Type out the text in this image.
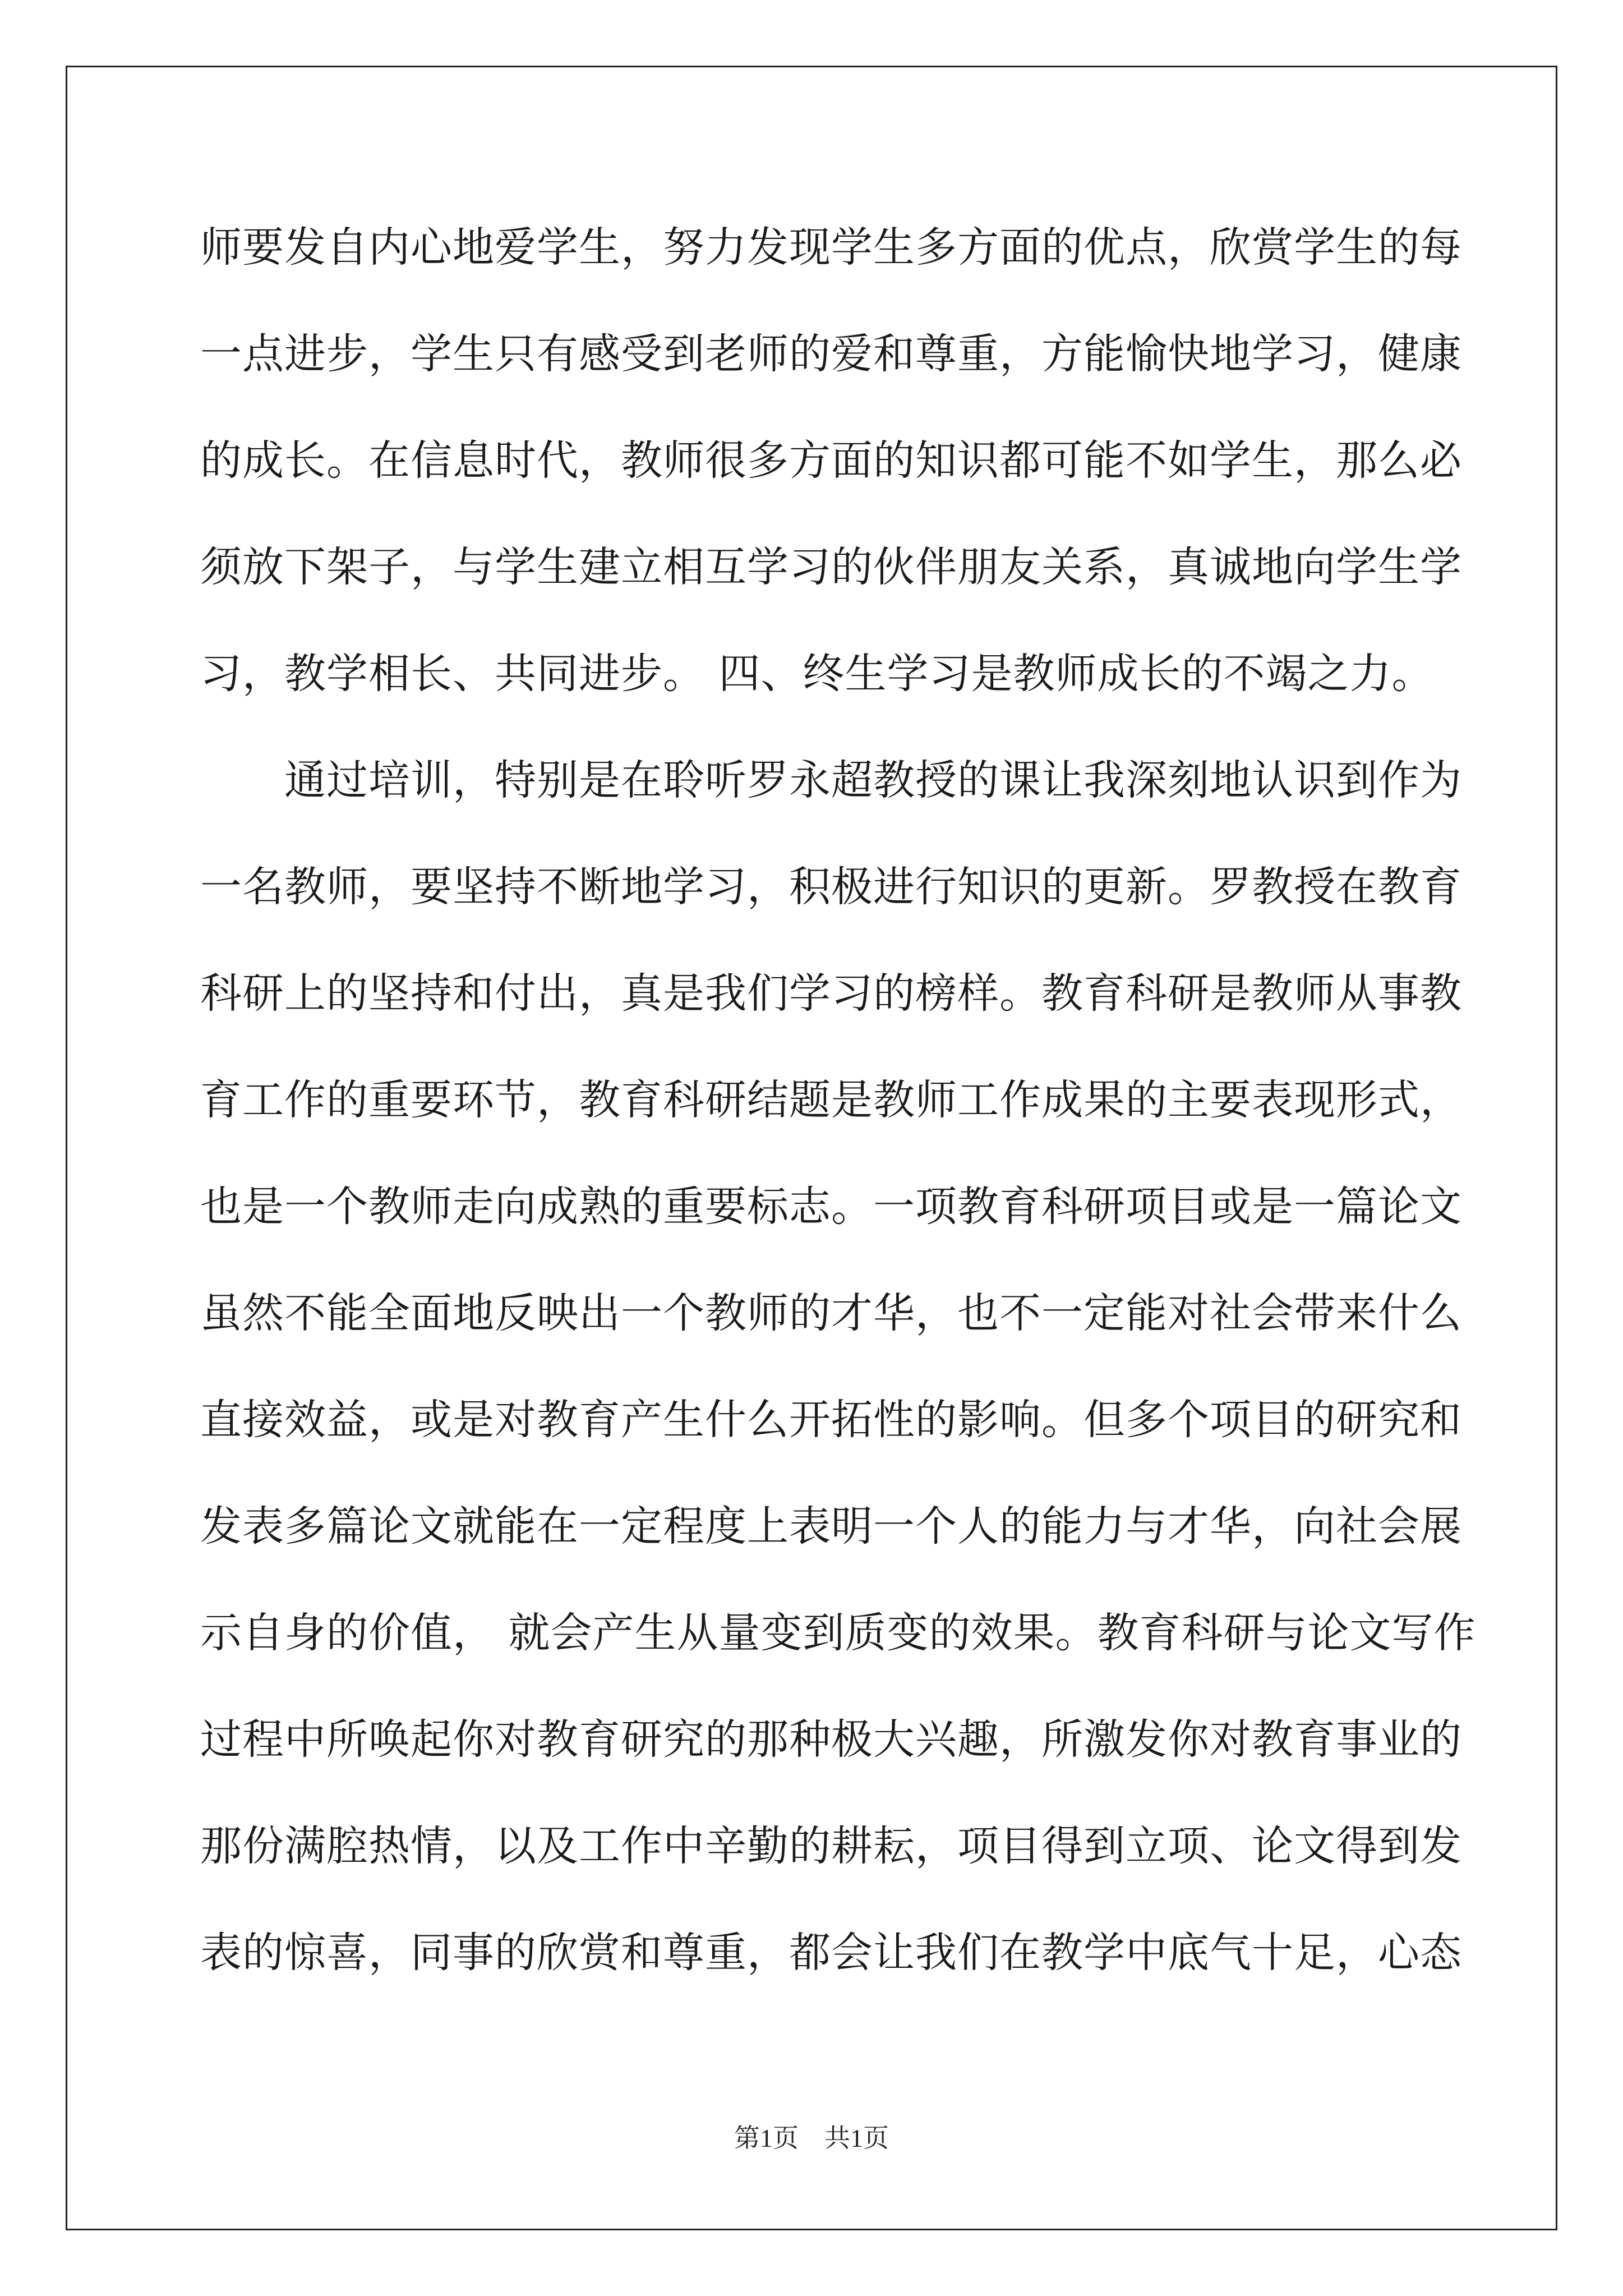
师要发自内心地爱学生，努力发现学生多方面的优点，欣赏学生的每
一点进步，学生只有感受到老师的爱和尊重，方能愉快地学习，健康
的成长。在信息时代，教师很多方面的知识都可能不如学生，那么必
须放下架子，与学生建立相互学习的伙伴朋友关系，真诚地向学生学
习，教学相长、共同进步。 四、终生学习是教师成长的不竭之力。
　　通过培训，特别是在聆听罗永超教授的课让我深刻地认识到作为
一名教师，要坚持不断地学习，积极进行知识的更新。罗教授在教育
科研上的坚持和付出，真是我们学习的榜样。教育科研是教师从事教
育工作的重要环节，教育科研结题是教师工作成果的主要表现形式，
也是一个教师走向成熟的重要标志。一项教育科研项目或是一篇论文
虽然不能全面地反映出一个教师的才华，也不一定能对社会带来什么
直接效益，或是对教育产生什么开拓性的影响。但多个项目的研究和
发表多篇论文就能在一定程度上表明一个人的能力与才华，向社会展
示自身的价值， 就会产生从量变到质变的效果。教育科研与论文写作
过程中所唤起你对教育研究的那种极大兴趣，所激发你对教育事业的
那份满腔热情，以及工作中辛勤的耕耘，项目得到立项、论文得到发
表的惊喜，同事的欣赏和尊重，都会让我们在教学中底气十足，心态
第1页　共1页
